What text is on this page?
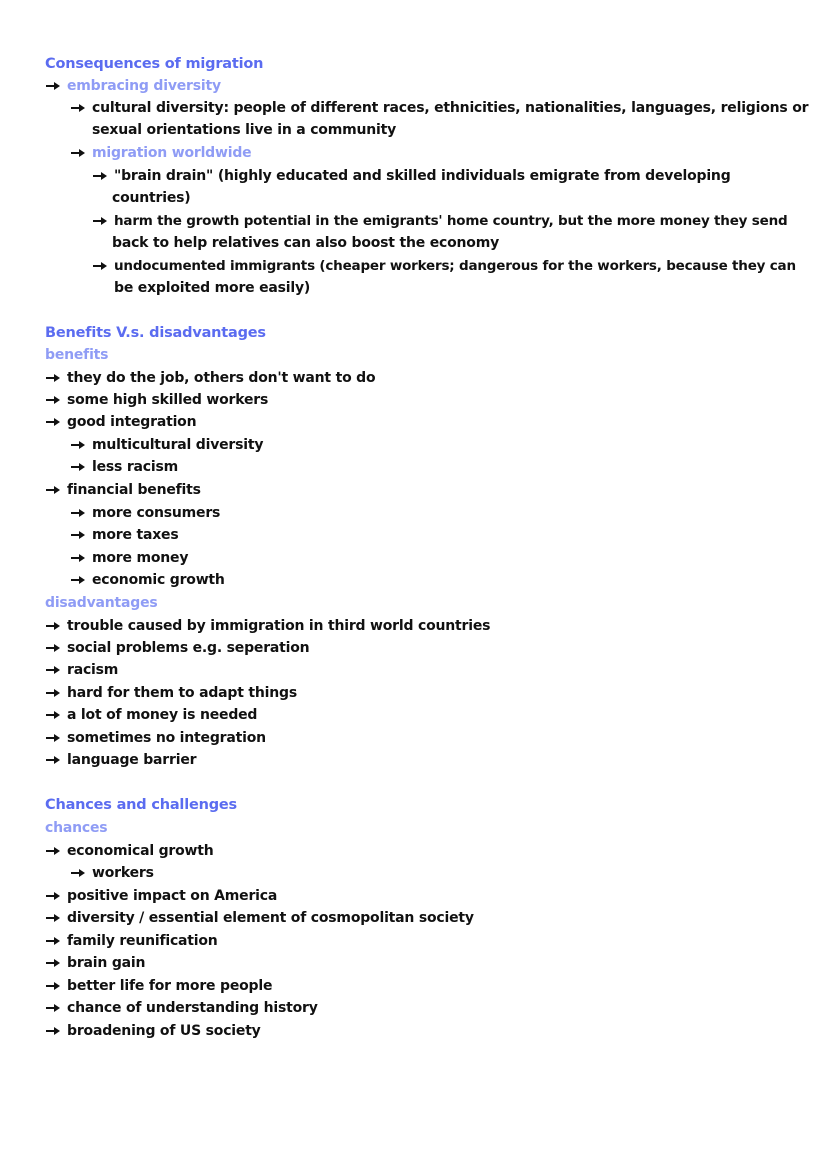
Consequences of migration
embracing diversity
cultural diversity: people of different races, ethnicities, nationalities, languages, religions or
sexual orientations live in a community
migration worldwide
"brain drain" (highly educated and skilled individuals emigrate from developing
countries)
harm the growth potential in the emigrants' home country, but the more money they send
back to help relatives can also boost the economy
undocumented immigrants (cheaper workers; dangerous for the workers, because they can
be exploited more easily)
Benefits V.s. disadvantages
benefits
they do the job, others don't want to do
some high skilled workers
good integration
multicultural diversity
less racism
financial benefits
more consumers
more taxes
more money
economic growth
disadvantages
trouble caused by immigration in third world countries
social problems e.g. seperation
racism
hard for them to adapt things
a lot of money is needed
sometimes no integration
language barrier
Chances and challenges
chances
economical growth
workers
positive impact on America
diversity / essential element of cosmopolitan society
family reunification
brain gain
better life for more people
chance of understanding history
broadening of US society
